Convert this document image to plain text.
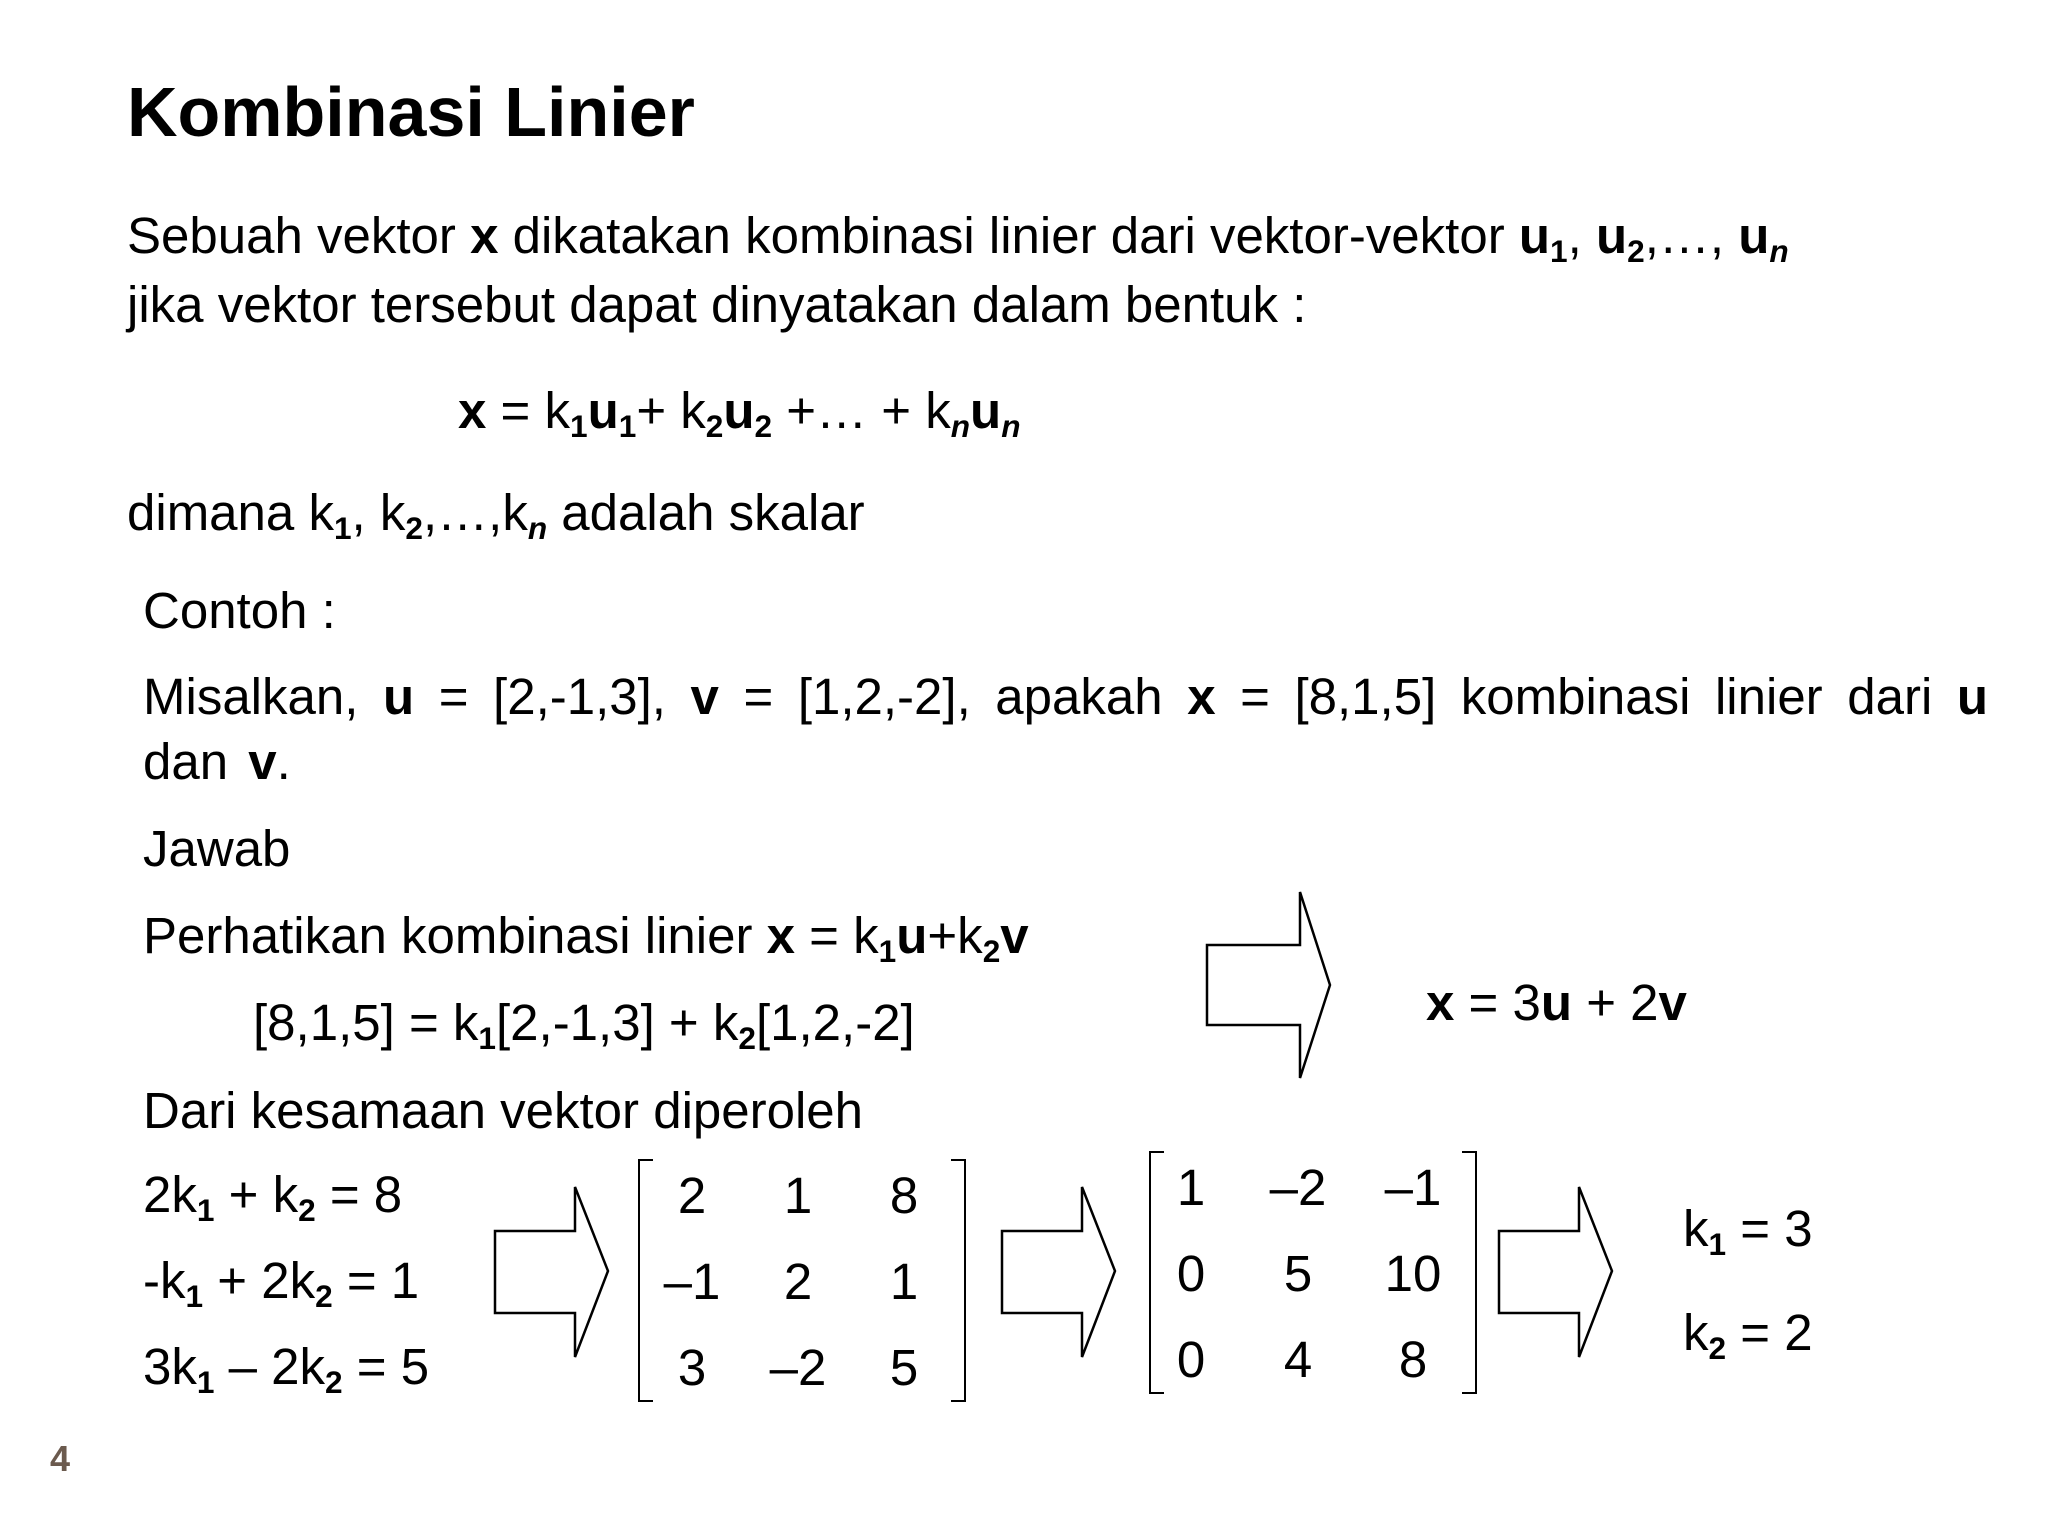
Kombinasi Linier
Sebuah vektor x dikatakan kombinasi linier dari vektor-vektor $u_1$, $u_2,\dots$, $u_n$
jika vektor tersebut dapat dinyatakan dalam bentuk :
$x = k_1u_1+ k_2u_2$ +… + $k_nu_n$
dimana $k_1$, $k_2,\dots,k_n$ adalah skalar
Contoh :
Misalkan, u = [2,-1,3], v = [1,2,-2], apakah x = [8,1,5] kombinasi linier dari u dan v.
Jawab
Perhatikan kombinasi linier $x = k_1u+k_2v$
$[8,1,5] = k_1[2,-1,3] + k_2[1,2,-2]$	x = 3u + 2v
Dari kesamaan vektor diperoleh
$2k_1 + k_2 = 8$
$-k_1 + 2k_2 = 1$
$3k_1 - 2k_2 = 5$
2	1	8
–1	2	1
3	–2	5
1	–2	–1
0	5	10
0	4	8
$k_1 = 3$
$k_2 = 2$
4
